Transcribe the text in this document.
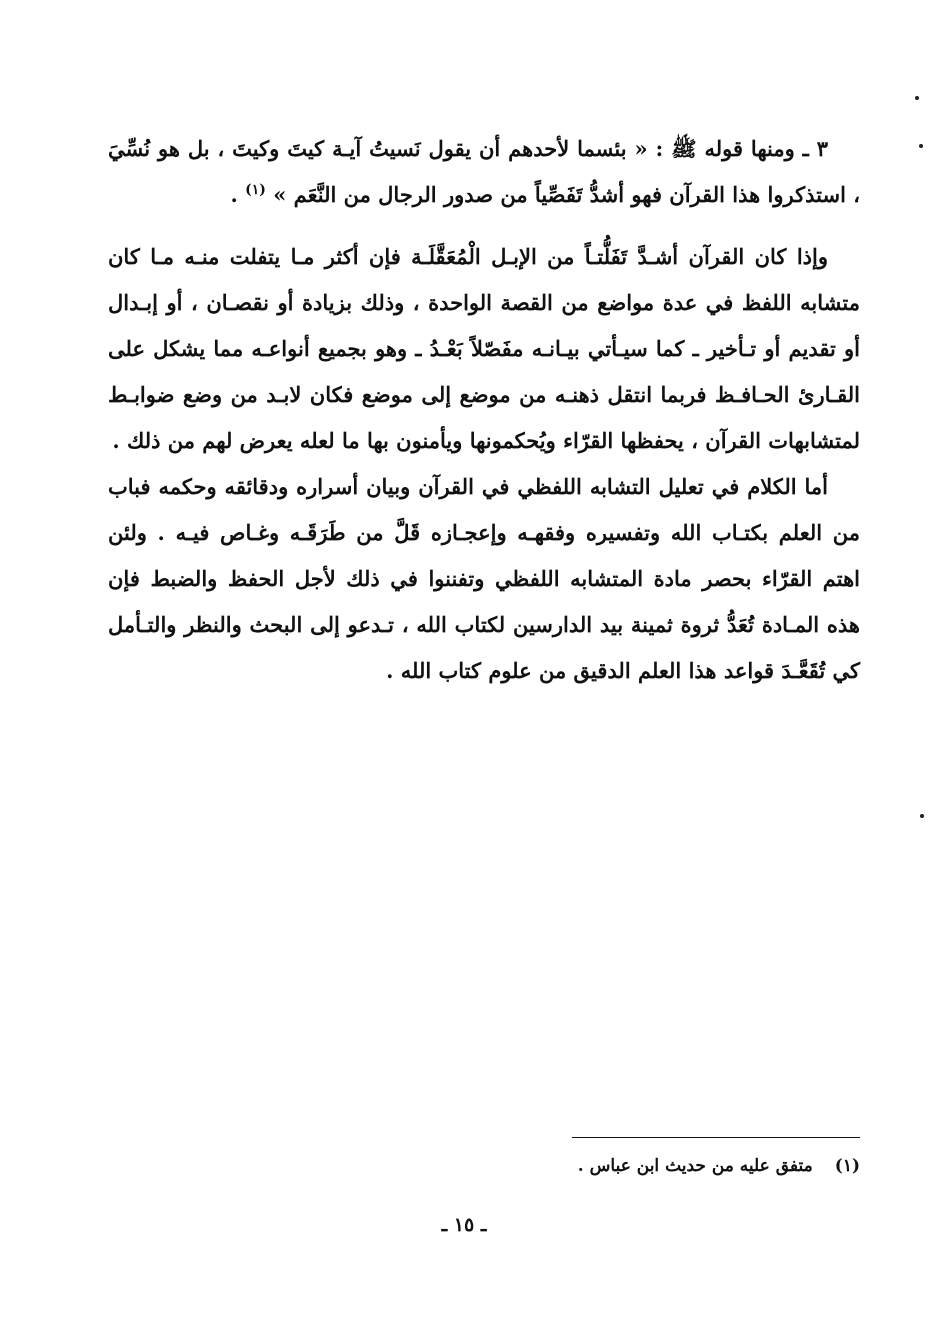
٣ ـ ومنها قوله ﷺ : « بئسما لأحدهم أن يقول نَسيتُ آيـة كيتَ وكيتَ ، بل هو نُسِّيَ ، استذكروا هذا القرآن فهو أشدُّ تَفَصِّياً من صدور الرجال من النَّعَم » $^{(١)}$ .

وإذا كان القرآن أشـدَّ تَفَلُّتـاً من الإبـل الْمُعَقَّلَـة فإن أكثر مـا يتفلت منـه مـا كان متشابه اللفظ في عدة مواضع من القصة الواحدة ، وذلك بزيادة أو نقصـان ، أو إبـدال أو تقديم أو تـأخير ـ كما سيـأتي بيـانـه مفَصّلاً بَعْـدُ ـ وهو بجميع أنواعـه مما يشكل على القـارئ الحـافـظ فربما انتقل ذهنـه من موضع إلى موضع فكان لابـد من وضع ضوابـط لمتشابهات القرآن ، يحفظها القرّاء ويُحكمونها ويأمنون بها ما لعله يعرض لهم من ذلك .

أما الكلام في تعليل التشابه اللفظي في القرآن وبيان أسراره ودقائقه وحكمه فباب من العلم بكتـاب الله وتفسيره وفقهـه وإعجـازه قَلَّ من طَرَقَـه وغـاص فيـه . ولئن اهتم القرّاء بحصر مادة المتشابه اللفظي وتفننوا في ذلك لأجل الحفظ والضبط فإن هذه المـادة تُعَدُّ ثروة ثمينة بيد الدارسين لكتاب الله ، تـدعو إلى البحث والنظر والتـأمل كي تُقَعَّـدَ قواعد هذا العلم الدقيق من علوم كتاب الله .

(١)متفق عليه من حديث ابن عباس .
ـ ١٥ ـ
